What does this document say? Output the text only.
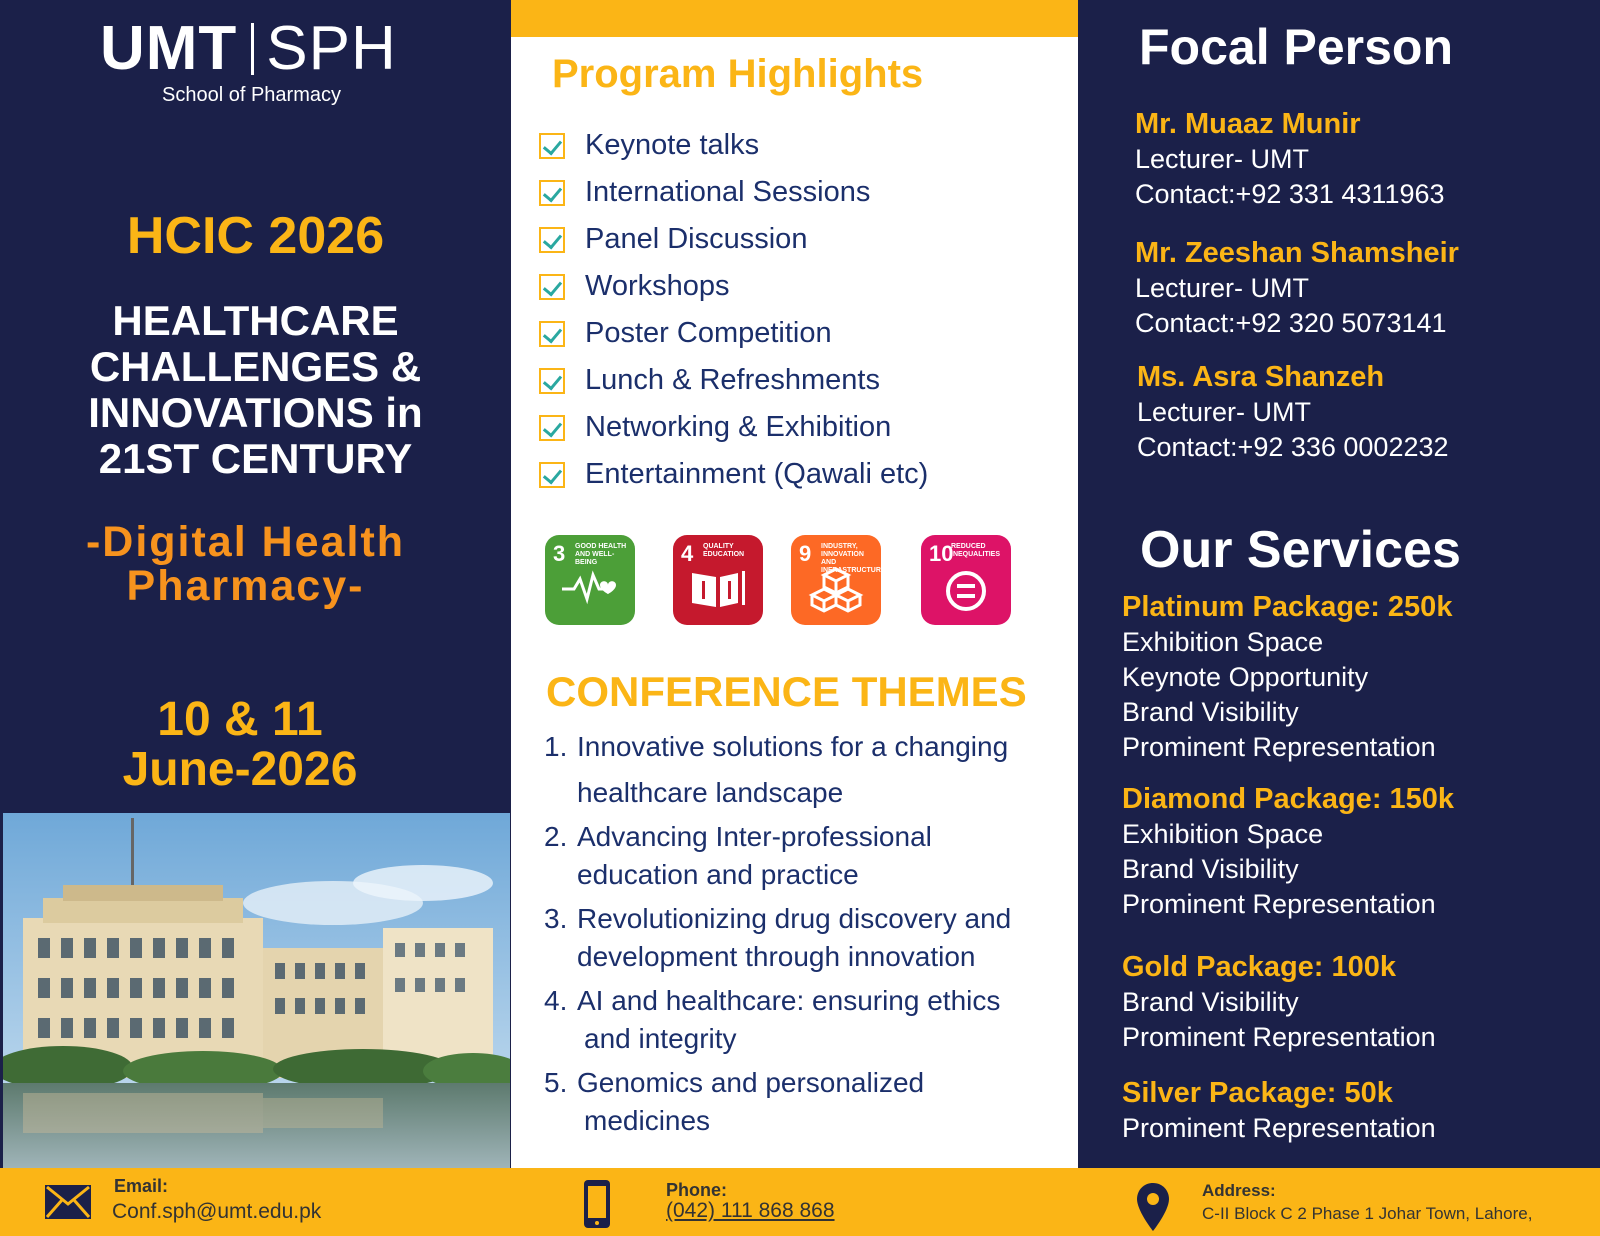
UMT SPH
School of Pharmacy
HCIC 2026
HEALTHCARE
CHALLENGES &
INNOVATIONS in
21ST CENTURY
-Digital Health
Pharmacy-
10 & 11
June-2026
Program Highlights
Keynote talks
International Sessions
Panel Discussion
Workshops
Poster Competition
Lunch & Refreshments
Networking & Exhibition
Entertainment (Qawali etc)
3 GOOD HEALTH AND WELL-BEING	4 QUALITY EDUCATION	9 INDUSTRY, INNOVATION AND INFRASTRUCTURE
10
REDUCED INEQUALITIES
CONFERENCE THEMES
1. Innovative solutions for a changing
healthcare landscape
2. Advancing Inter-professional
education and practice
3. Revolutionizing drug discovery and
development through innovation
4. AI and healthcare: ensuring ethics
and integrity
5. Genomics and personalized
medicines
Focal Person
Mr. Muaaz Munir
Lecturer- UMT
Contact:+92 331 4311963
Mr. Zeeshan Shamsheir
Lecturer- UMT
Contact:+92 320 5073141
Ms. Asra Shanzeh
Lecturer- UMT
Contact:+92 336 0002232
Our Services
Platinum Package: 250k
Exhibition Space
Keynote Opportunity
Brand Visibility
Prominent Representation
Diamond Package: 150k
Exhibition Space
Brand Visibility
Prominent Representation
Gold Package: 100k
Brand Visibility
Prominent Representation
Silver Package: 50k
Prominent Representation
Email:
Conf.sph@umt.edu.pk
Phone:
(042) 111 868 868
Address:
C-II Block C 2 Phase 1 Johar Town, Lahore,
